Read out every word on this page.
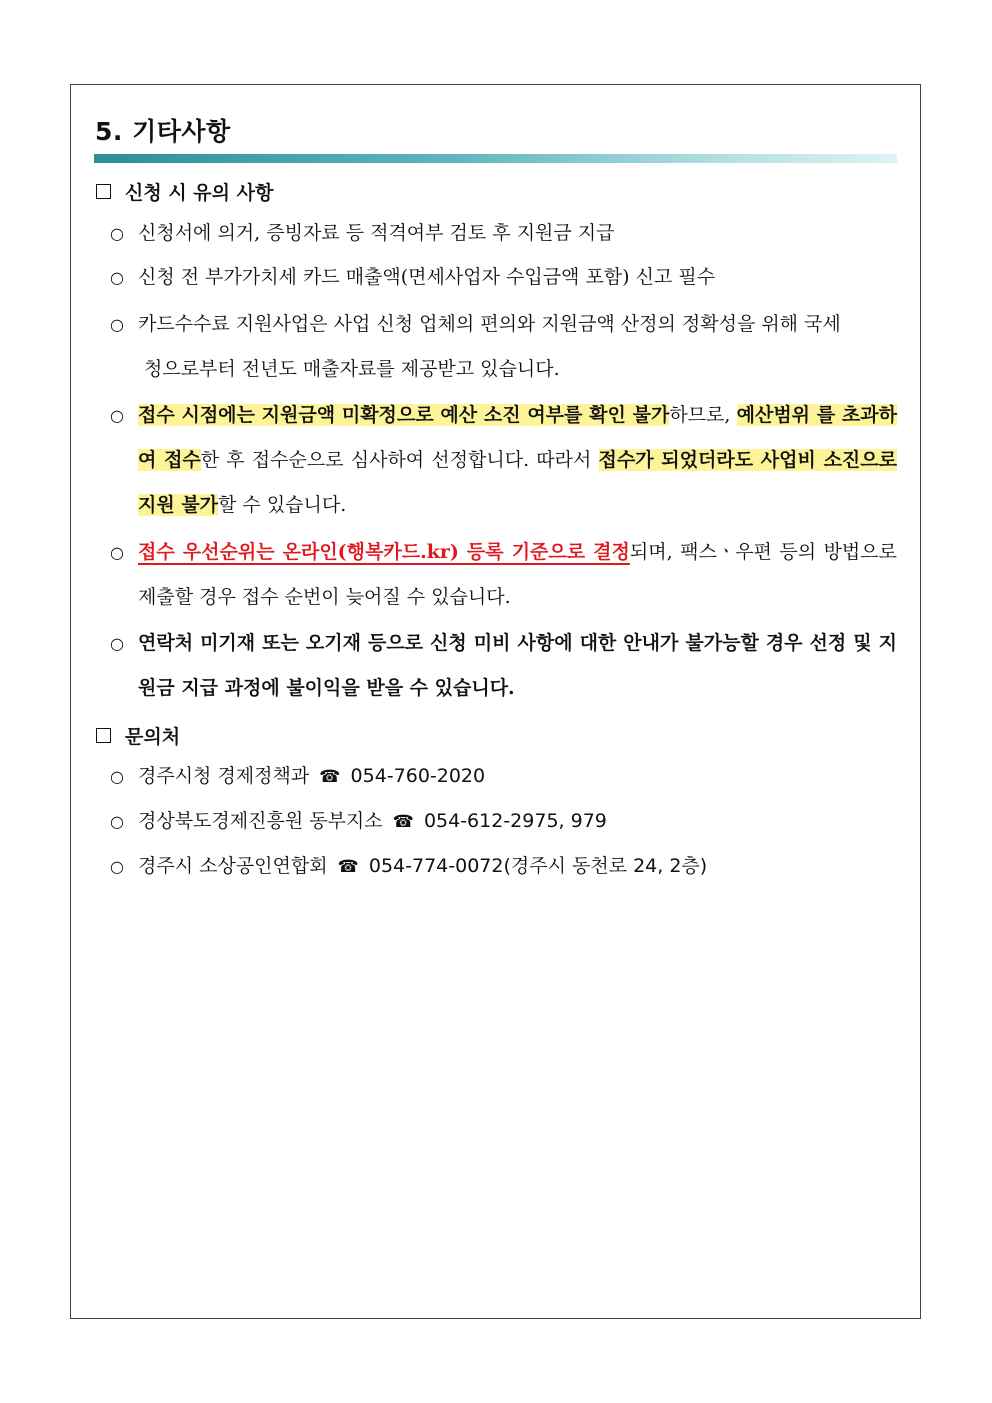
5. 기타사항
신청 시 유의 사항
○ 신청서에 의거, 증빙자료 등 적격여부 검토 후 지원금 지급
○ 신청 전 부가가치세 카드 매출액(면세사업자 수입금액 포함) 신고 필수
○ 카드수수료 지원사업은 사업 신청 업체의 편의와 지원금액 산정의 정확성을 위해 국세
청으로부터 전년도 매출자료를 제공받고 있습니다.
○ 접수 시점에는 지원금액 미확정으로 예산 소진 여부를 확인 불가하므로, 예산범위 를 초과하여 접수한 후 접수순으로 심사하여 선정합니다. 따라서 접수가 되었더라도 사업비 소진으로 지원 불가할 수 있습니다.
○ 접수 우선순위는 온라인(행복카드.kr) 등록 기준으로 결정되며, 팩스ㆍ우편 등의 방법으로 제출할 경우 접수 순번이 늦어질 수 있습니다.
○ 연락처 미기재 또는 오기재 등으로 신청 미비 사항에 대한 안내가 불가능할 경우 선정 및 지원금 지급 과정에 불이익을 받을 수 있습니다.
문의처
○ 경주시청 경제정책과 ☎ 054-760-2020
○ 경상북도경제진흥원 동부지소 ☎ 054-612-2975, 979
○ 경주시 소상공인연합회 ☎ 054-774-0072(경주시 동천로 24, 2층)
